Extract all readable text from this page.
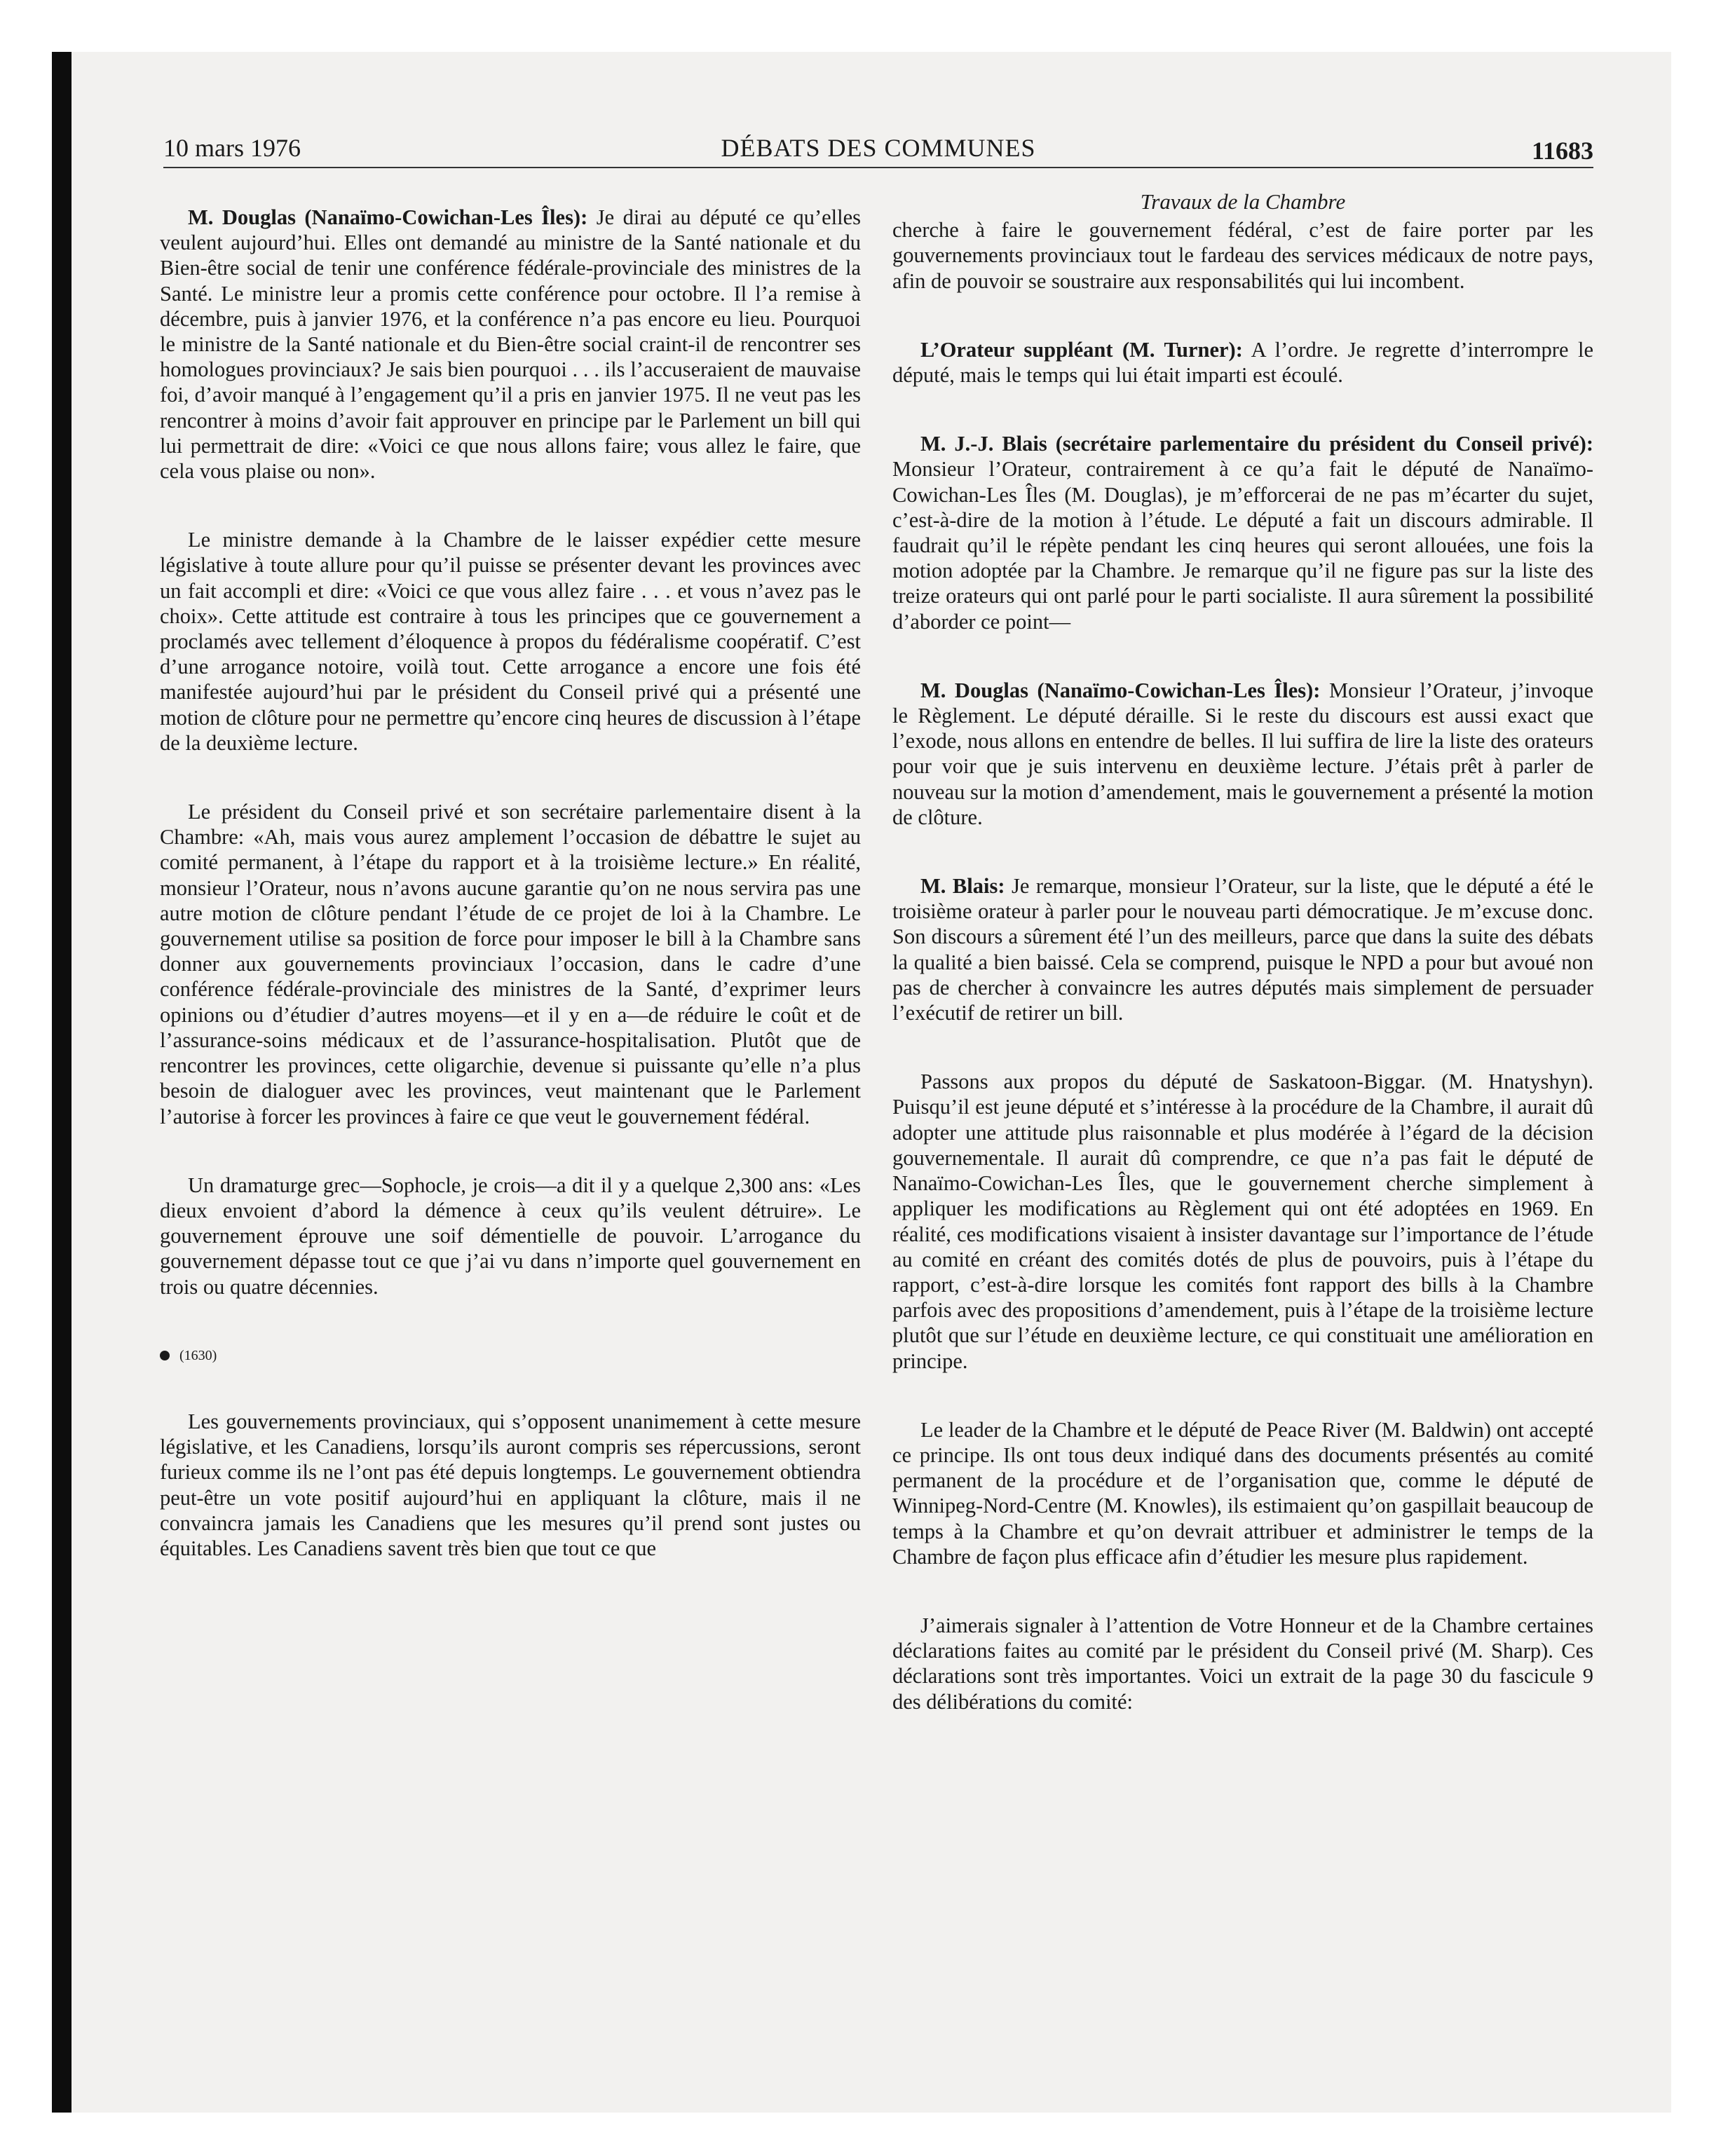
10 mars 1976	DÉBATS DES COMMUNES	11683

M. Douglas (Nanaïmo-Cowichan-Les Îles): Je dirai au député ce qu’elles veulent aujourd’hui. Elles ont demandé au ministre de la Santé nationale et du Bien-être social de tenir une conférence fédérale-provinciale des ministres de la Santé. Le ministre leur a promis cette conférence pour octobre. Il l’a remise à décembre, puis à janvier 1976, et la conférence n’a pas encore eu lieu. Pourquoi le ministre de la Santé nationale et du Bien-être social craint-il de rencontrer ses homologues provinciaux? Je sais bien pourquoi . . . ils l’accuseraient de mauvaise foi, d’avoir manqué à l’engagement qu’il a pris en janvier 1975. Il ne veut pas les rencontrer à moins d’avoir fait approuver en principe par le Parlement un bill qui lui permettrait de dire: «Voici ce que nous allons faire; vous allez le faire, que cela vous plaise ou non».

Le ministre demande à la Chambre de le laisser expédier cette mesure législative à toute allure pour qu’il puisse se présenter devant les provinces avec un fait accompli et dire: «Voici ce que vous allez faire . . . et vous n’avez pas le choix». Cette attitude est contraire à tous les principes que ce gouvernement a proclamés avec tellement d’éloquence à propos du fédéralisme coopératif. C’est d’une arrogance notoire, voilà tout. Cette arrogance a encore une fois été manifestée aujourd’hui par le président du Conseil privé qui a présenté une motion de clôture pour ne permettre qu’encore cinq heures de discussion à l’étape de la deuxième lecture.

Le président du Conseil privé et son secrétaire parlementaire disent à la Chambre: «Ah, mais vous aurez amplement l’occasion de débattre le sujet au comité permanent, à l’étape du rapport et à la troisième lecture.» En réalité, monsieur l’Orateur, nous n’avons aucune garantie qu’on ne nous servira pas une autre motion de clôture pendant l’étude de ce projet de loi à la Chambre. Le gouvernement utilise sa position de force pour imposer le bill à la Chambre sans donner aux gouvernements provinciaux l’occasion, dans le cadre d’une conférence fédérale-provinciale des ministres de la Santé, d’exprimer leurs opinions ou d’étudier d’autres moyens—et il y en a—de réduire le coût et de l’assurance-soins médicaux et de l’assurance-hospitalisation. Plutôt que de rencontrer les provinces, cette oligarchie, devenue si puissante qu’elle n’a plus besoin de dialoguer avec les provinces, veut maintenant que le Parlement l’autorise à forcer les provinces à faire ce que veut le gouvernement fédéral.

Un dramaturge grec—Sophocle, je crois—a dit il y a quelque 2,300 ans: «Les dieux envoient d’abord la démence à ceux qu’ils veulent détruire». Le gouvernement éprouve une soif démentielle de pouvoir. L’arrogance du gouvernement dépasse tout ce que j’ai vu dans n’importe quel gouvernement en trois ou quatre décennies.

(1630)

Les gouvernements provinciaux, qui s’opposent unanimement à cette mesure législative, et les Canadiens, lorsqu’ils auront compris ses répercussions, seront furieux comme ils ne l’ont pas été depuis longtemps. Le gouvernement obtiendra peut-être un vote positif aujourd’hui en appliquant la clôture, mais il ne convaincra jamais les Canadiens que les mesures qu’il prend sont justes ou équitables. Les Canadiens savent très bien que tout ce que

Travaux de la Chambre

cherche à faire le gouvernement fédéral, c’est de faire porter par les gouvernements provinciaux tout le fardeau des services médicaux de notre pays, afin de pouvoir se soustraire aux responsabilités qui lui incombent.

L’Orateur suppléant (M. Turner): A l’ordre. Je regrette d’interrompre le député, mais le temps qui lui était imparti est écoulé.

M. J.-J. Blais (secrétaire parlementaire du président du Conseil privé): Monsieur l’Orateur, contrairement à ce qu’a fait le député de Nanaïmo-Cowichan-Les Îles (M. Douglas), je m’efforcerai de ne pas m’écarter du sujet, c’est-à-dire de la motion à l’étude. Le député a fait un discours admirable. Il faudrait qu’il le répète pendant les cinq heures qui seront allouées, une fois la motion adoptée par la Chambre. Je remarque qu’il ne figure pas sur la liste des treize orateurs qui ont parlé pour le parti socialiste. Il aura sûrement la possibilité d’aborder ce point—

M. Douglas (Nanaïmo-Cowichan-Les Îles): Monsieur l’Orateur, j’invoque le Règlement. Le député déraille. Si le reste du discours est aussi exact que l’exode, nous allons en entendre de belles. Il lui suffira de lire la liste des orateurs pour voir que je suis intervenu en deuxième lecture. J’étais prêt à parler de nouveau sur la motion d’amendement, mais le gouvernement a présenté la motion de clôture.

M. Blais: Je remarque, monsieur l’Orateur, sur la liste, que le député a été le troisième orateur à parler pour le nouveau parti démocratique. Je m’excuse donc. Son discours a sûrement été l’un des meilleurs, parce que dans la suite des débats la qualité a bien baissé. Cela se comprend, puisque le NPD a pour but avoué non pas de chercher à convaincre les autres députés mais simplement de persuader l’exécutif de retirer un bill.

Passons aux propos du député de Saskatoon-Biggar. (M. Hnatyshyn). Puisqu’il est jeune député et s’intéresse à la procédure de la Chambre, il aurait dû adopter une attitude plus raisonnable et plus modérée à l’égard de la décision gouvernementale. Il aurait dû comprendre, ce que n’a pas fait le député de Nanaïmo-Cowichan-Les Îles, que le gouvernement cherche simplement à appliquer les modifications au Règlement qui ont été adoptées en 1969. En réalité, ces modifications visaient à insister davantage sur l’importance de l’étude au comité en créant des comités dotés de plus de pouvoirs, puis à l’étape du rapport, c’est-à-dire lorsque les comités font rapport des bills à la Chambre parfois avec des propositions d’amendement, puis à l’étape de la troisième lecture plutôt que sur l’étude en deuxième lecture, ce qui constituait une amélioration en principe.

Le leader de la Chambre et le député de Peace River (M. Baldwin) ont accepté ce principe. Ils ont tous deux indiqué dans des documents présentés au comité permanent de la procédure et de l’organisation que, comme le député de Winnipeg-Nord-Centre (M. Knowles), ils estimaient qu’on gaspillait beaucoup de temps à la Chambre et qu’on devrait attribuer et administrer le temps de la Chambre de façon plus efficace afin d’étudier les mesure plus rapidement.

J’aimerais signaler à l’attention de Votre Honneur et de la Chambre certaines déclarations faites au comité par le président du Conseil privé (M. Sharp). Ces déclarations sont très importantes. Voici un extrait de la page 30 du fascicule 9 des délibérations du comité:
